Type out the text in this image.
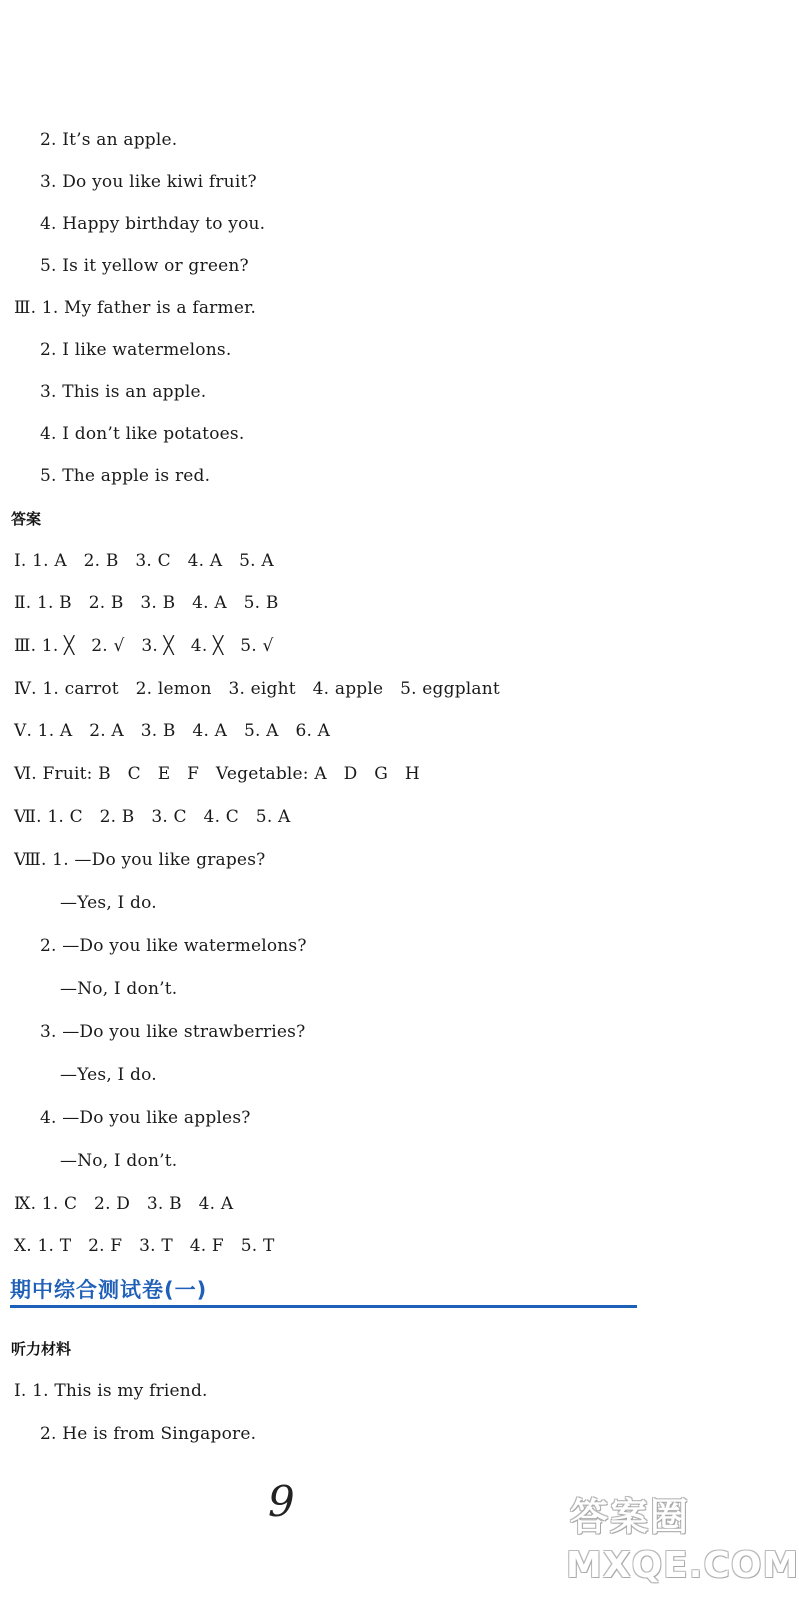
2. It’s an apple.
3. Do you like kiwi fruit?
4. Happy birthday to you.
5. Is it yellow or green?
Ⅲ. 1. My father is a farmer.
2. I like watermelons.
3. This is an apple.
4. I don’t like potatoes.
5. The apple is red.
答案
Ⅰ. 1. A   2. B   3. C   4. A   5. A
Ⅱ. 1. B   2. B   3. B   4. A   5. B
Ⅲ. 1. ╳   2. √   3. ╳   4. ╳   5. √
Ⅳ. 1. carrot   2. lemon   3. eight   4. apple   5. eggplant
Ⅴ. 1. A   2. A   3. B   4. A   5. A   6. A
Ⅵ. Fruit: B   C   E   F   Vegetable: A   D   G   H
Ⅶ. 1. C   2. B   3. C   4. C   5. A
Ⅷ. 1. —Do you like grapes?
—Yes, I do.
2. —Do you like watermelons?
—No, I don’t.
3. —Do you like strawberries?
—Yes, I do.
4. —Do you like apples?
—No, I don’t.
Ⅸ. 1. C   2. D   3. B   4. A
Ⅹ. 1. T   2. F   3. T   4. F   5. T
期中综合测试卷(一)
听力材料
Ⅰ. 1. This is my friend.
2. He is from Singapore.
9	答案圈
MXQE.COM
